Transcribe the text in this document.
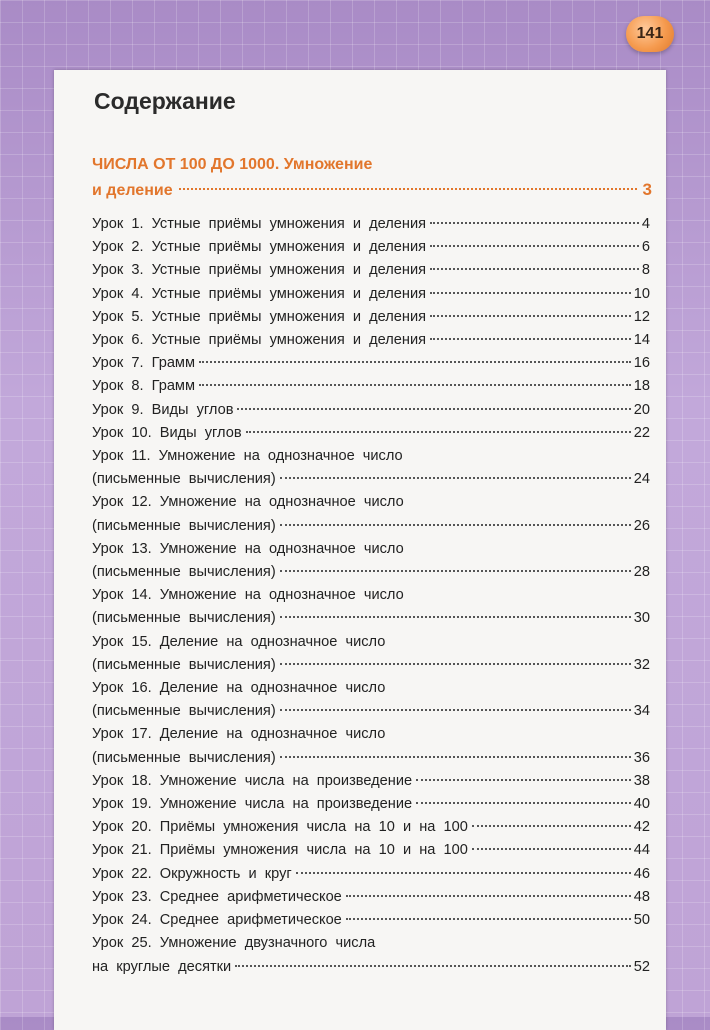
141
Содержание
ЧИСЛА ОТ 100 ДО 1000. Умножение
и деление	3
Урок  1.  Устные  приёмы  умножения  и  деления	4
Урок  2.  Устные  приёмы  умножения  и  деления	6
Урок  3.  Устные  приёмы  умножения  и  деления	8
Урок  4.  Устные  приёмы  умножения  и  деления	10
Урок  5.  Устные  приёмы  умножения  и  деления	12
Урок  6.  Устные  приёмы  умножения  и  деления	14
Урок  7.  Грамм	16
Урок  8.  Грамм	18
Урок  9.  Виды  углов	20
Урок  10.  Виды  углов	22
Урок  11.  Умножение  на  однозначное  число
(письменные  вычисления)	24
Урок  12.  Умножение  на  однозначное  число
(письменные  вычисления)	26
Урок  13.  Умножение  на  однозначное  число
(письменные  вычисления)	28
Урок  14.  Умножение  на  однозначное  число
(письменные  вычисления)	30
Урок  15.  Деление  на  однозначное  число
(письменные  вычисления)	32
Урок  16.  Деление  на  однозначное  число
(письменные  вычисления)	34
Урок  17.  Деление  на  однозначное  число
(письменные  вычисления)	36
Урок  18.  Умножение  числа  на  произведение	38
Урок  19.  Умножение  числа  на  произведение	40
Урок  20.  Приёмы  умножения  числа  на  10  и  на  100	42
Урок  21.  Приёмы  умножения  числа  на  10  и  на  100	44
Урок  22.  Окружность  и  круг	46
Урок  23.  Среднее  арифметическое	48
Урок  24.  Среднее  арифметическое	50
Урок  25.  Умножение  двузначного  числа
на  круглые  десятки	52
